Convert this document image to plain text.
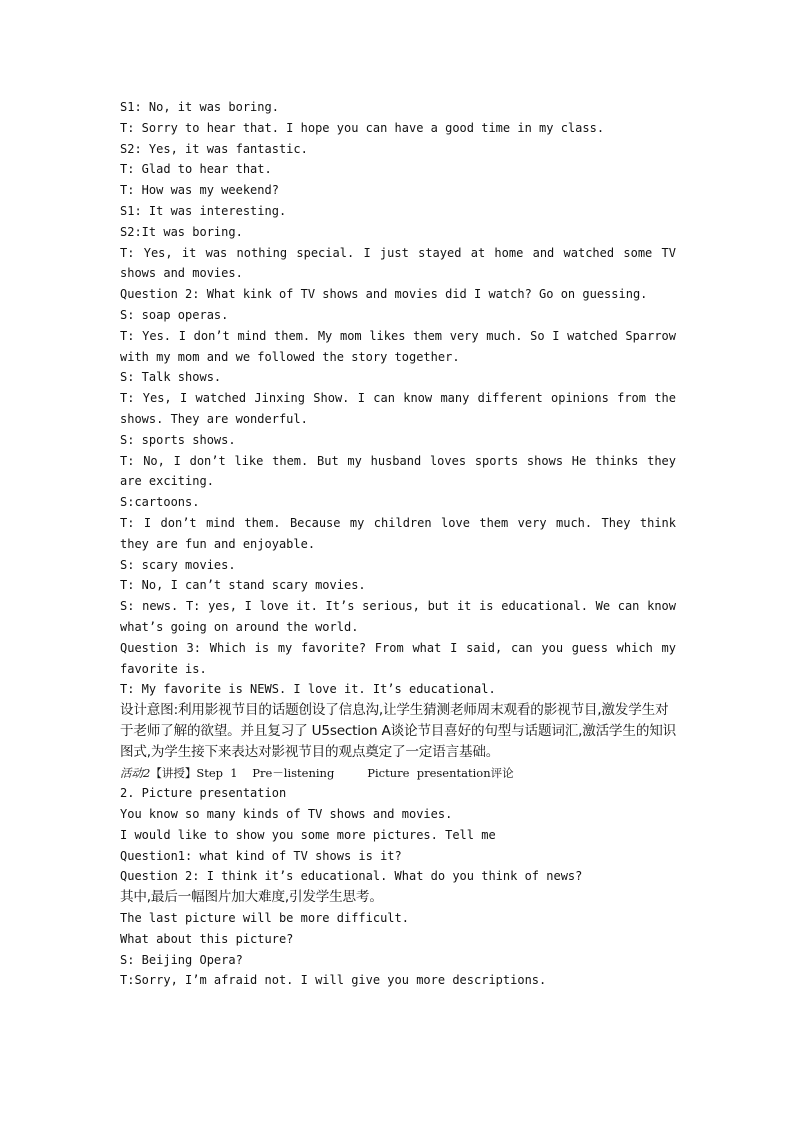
S1: No, it was boring.
T: Sorry to hear that. I hope you can have a good time in my class.
S2: Yes, it was fantastic.
T: Glad to hear that.
T: How was my weekend?
S1: It was interesting.
S2:It was boring.
T: Yes, it was nothing special. I just stayed at home and watched some TV shows and movies.
Question 2: What kink of TV shows and movies did I watch? Go on guessing.
S: soap operas.
T: Yes. I don’t mind them. My mom likes them very much. So I watched Sparrow with my mom and we followed the story together.
S: Talk shows.
T: Yes, I watched Jinxing Show. I can know many different opinions from the shows. They are wonderful.
S: sports shows.
T: No, I don’t like them. But my husband loves sports shows He thinks they are exciting.
S:cartoons.
T: I don’t mind them. Because my children love them very much. They think they are fun and enjoyable.
S: scary movies.
T: No, I can’t stand scary movies.
S: news. T: yes, I love it. It’s serious, but it is educational. We can know what’s going on around the world.
Question 3: Which is my favorite? From what I said, can you guess which my favorite is.
T: My favorite is NEWS. I love it. It’s educational.
设计意图:利用影视节目的话题创设了信息沟,让学生猜测老师周末观看的影视节目,激发学生对于老师了解的欲望。并且复习了 U5section A谈论节目喜好的句型与话题词汇,激活学生的知识图式,为学生接下来表达对影视节目的观点奠定了一定语言基础。
活动2【讲授】Step  1    Pre－listening         Picture  presentation评论
2. Picture presentation
You know so many kinds of TV shows and movies.
I would like to show you some more pictures. Tell me
Question1: what kind of TV shows is it?
Question 2: I think it’s educational. What do you think of news?
其中,最后一幅图片加大难度,引发学生思考。
The last picture will be more difficult.
What about this picture?
S: Beijing Opera?
T:Sorry, I’m afraid not. I will give you more descriptions.
